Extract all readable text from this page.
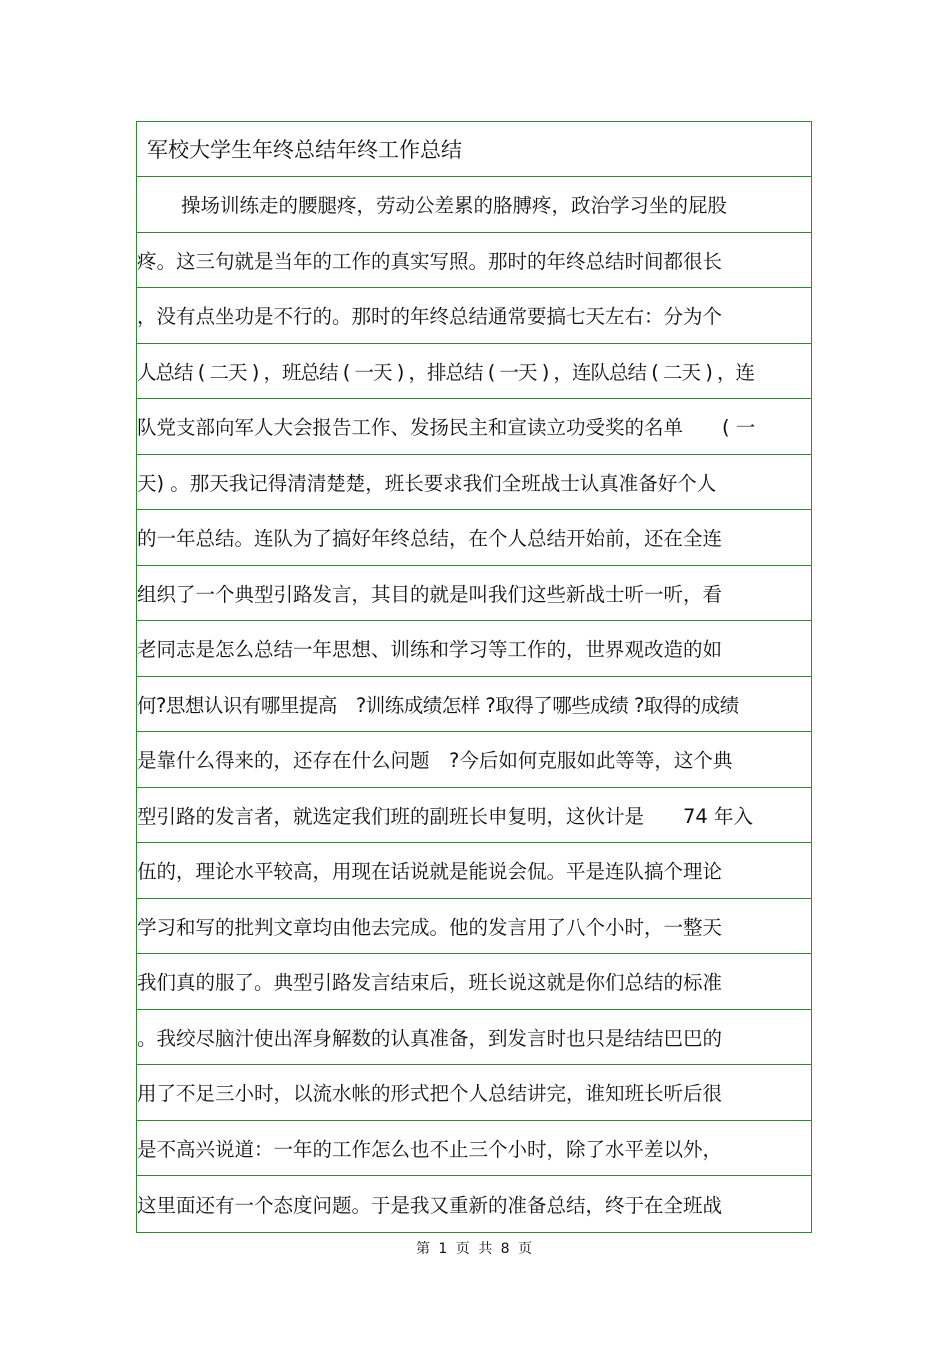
军校大学生年终总结年终工作总结
操场训练走的腰腿疼，劳动公差累的胳膊疼，政治学习坐的屁股
疼。这三句就是当年的工作的真实写照。那时的年终总结时间都很长
，没有点坐功是不行的。那时的年终总结通常要搞七天左右：分为个
人总结 ( 二天 ) ，班总结 ( 一天 ) ，排总结 ( 一天 ) ，连队总结 ( 二天 ) ，连
队党支部向军人大会报告工作、发扬民主和宣读立功受奖的名单　　( 一
天) 。那天我记得清清楚楚，班长要求我们全班战士认真准备好个人
的一年总结。连队为了搞好年终总结，在个人总结开始前，还在全连
组织了一个典型引路发言，其目的就是叫我们这些新战士听一听，看
老同志是怎么总结一年思想、训练和学习等工作的，世界观改造的如
何?思想认识有哪里提高　?训练成绩怎样 ?取得了哪些成绩 ?取得的成绩
是靠什么得来的，还存在什么问题　?今后如何克服如此等等，这个典
型引路的发言者，就选定我们班的副班长申复明，这伙计是　　74 年入
伍的，理论水平较高，用现在话说就是能说会侃。平是连队搞个理论
学习和写的批判文章均由他去完成。他的发言用了八个小时，一整天
我们真的服了。典型引路发言结束后，班长说这就是你们总结的标准
。我绞尽脑汁使出浑身解数的认真准备，到发言时也只是结结巴巴的
用了不足三小时，以流水帐的形式把个人总结讲完，谁知班长听后很
是不高兴说道：一年的工作怎么也不止三个小时，除了水平差以外，
这里面还有一个态度问题。于是我又重新的准备总结，终于在全班战
第 1 页 共 8 页
